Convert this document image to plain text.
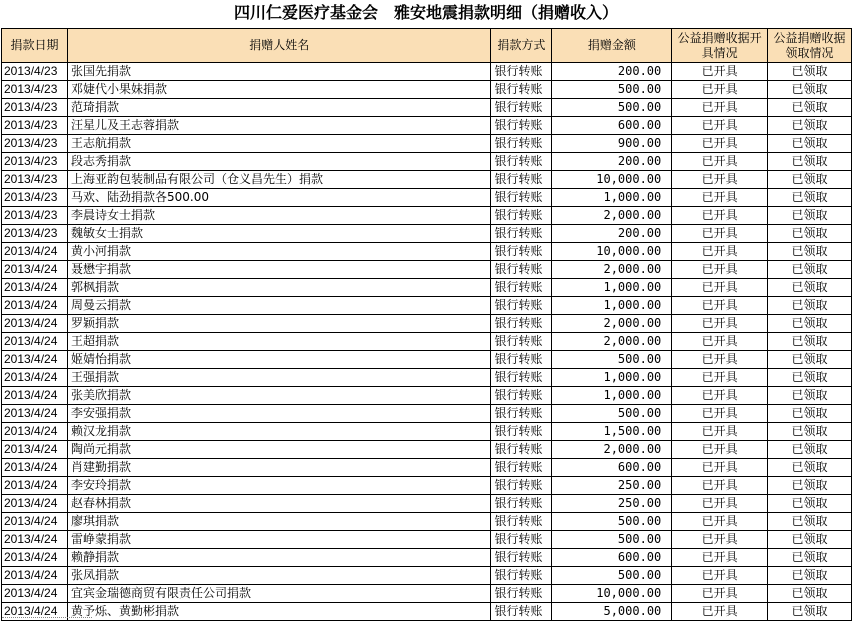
四川仁爱医疗基金会　雅安地震捐款明细（捐赠收入）
捐款日期	捐赠人姓名	捐款方式	捐赠金额	公益捐赠收据开具情况	公益捐赠收据领取情况
2013/4/23	张国先捐款	银行转账	200.00	已开具	已领取
2013/4/23	邓婕代小果妹捐款	银行转账	500.00	已开具	已领取
2013/4/23	范琦捐款	银行转账	500.00	已开具	已领取
2013/4/23	汪星儿及王志蓉捐款	银行转账	600.00	已开具	已领取
2013/4/23	王志航捐款	银行转账	900.00	已开具	已领取
2013/4/23	段志秀捐款	银行转账	200.00	已开具	已领取
2013/4/23	上海亚韵包装制品有限公司（仓义昌先生）捐款	银行转账	10,000.00	已开具	已领取
2013/4/23	马欢、陆劲捐款各500.00	银行转账	1,000.00	已开具	已领取
2013/4/23	李晨诗女士捐款	银行转账	2,000.00	已开具	已领取
2013/4/23	魏敏女士捐款	银行转账	200.00	已开具	已领取
2013/4/24	黄小河捐款	银行转账	10,000.00	已开具	已领取
2013/4/24	聂懋宇捐款	银行转账	2,000.00	已开具	已领取
2013/4/24	郭枫捐款	银行转账	1,000.00	已开具	已领取
2013/4/24	周曼云捐款	银行转账	1,000.00	已开具	已领取
2013/4/24	罗颖捐款	银行转账	2,000.00	已开具	已领取
2013/4/24	王超捐款	银行转账	2,000.00	已开具	已领取
2013/4/24	姬婧怡捐款	银行转账	500.00	已开具	已领取
2013/4/24	王强捐款	银行转账	1,000.00	已开具	已领取
2013/4/24	张美欣捐款	银行转账	1,000.00	已开具	已领取
2013/4/24	李安强捐款	银行转账	500.00	已开具	已领取
2013/4/24	赖汉龙捐款	银行转账	1,500.00	已开具	已领取
2013/4/24	陶尚元捐款	银行转账	2,000.00	已开具	已领取
2013/4/24	肖建勤捐款	银行转账	600.00	已开具	已领取
2013/4/24	李安玲捐款	银行转账	250.00	已开具	已领取
2013/4/24	赵春林捐款	银行转账	250.00	已开具	已领取
2013/4/24	廖琪捐款	银行转账	500.00	已开具	已领取
2013/4/24	雷峥蒙捐款	银行转账	500.00	已开具	已领取
2013/4/24	赖静捐款	银行转账	600.00	已开具	已领取
2013/4/24	张凤捐款	银行转账	500.00	已开具	已领取
2013/4/24	宜宾金瑞德商贸有限责任公司捐款	银行转账	10,000.00	已开具	已领取
2013/4/24	黄予烁、黄勤彬捐款	银行转账	5,000.00	已开具	已领取
